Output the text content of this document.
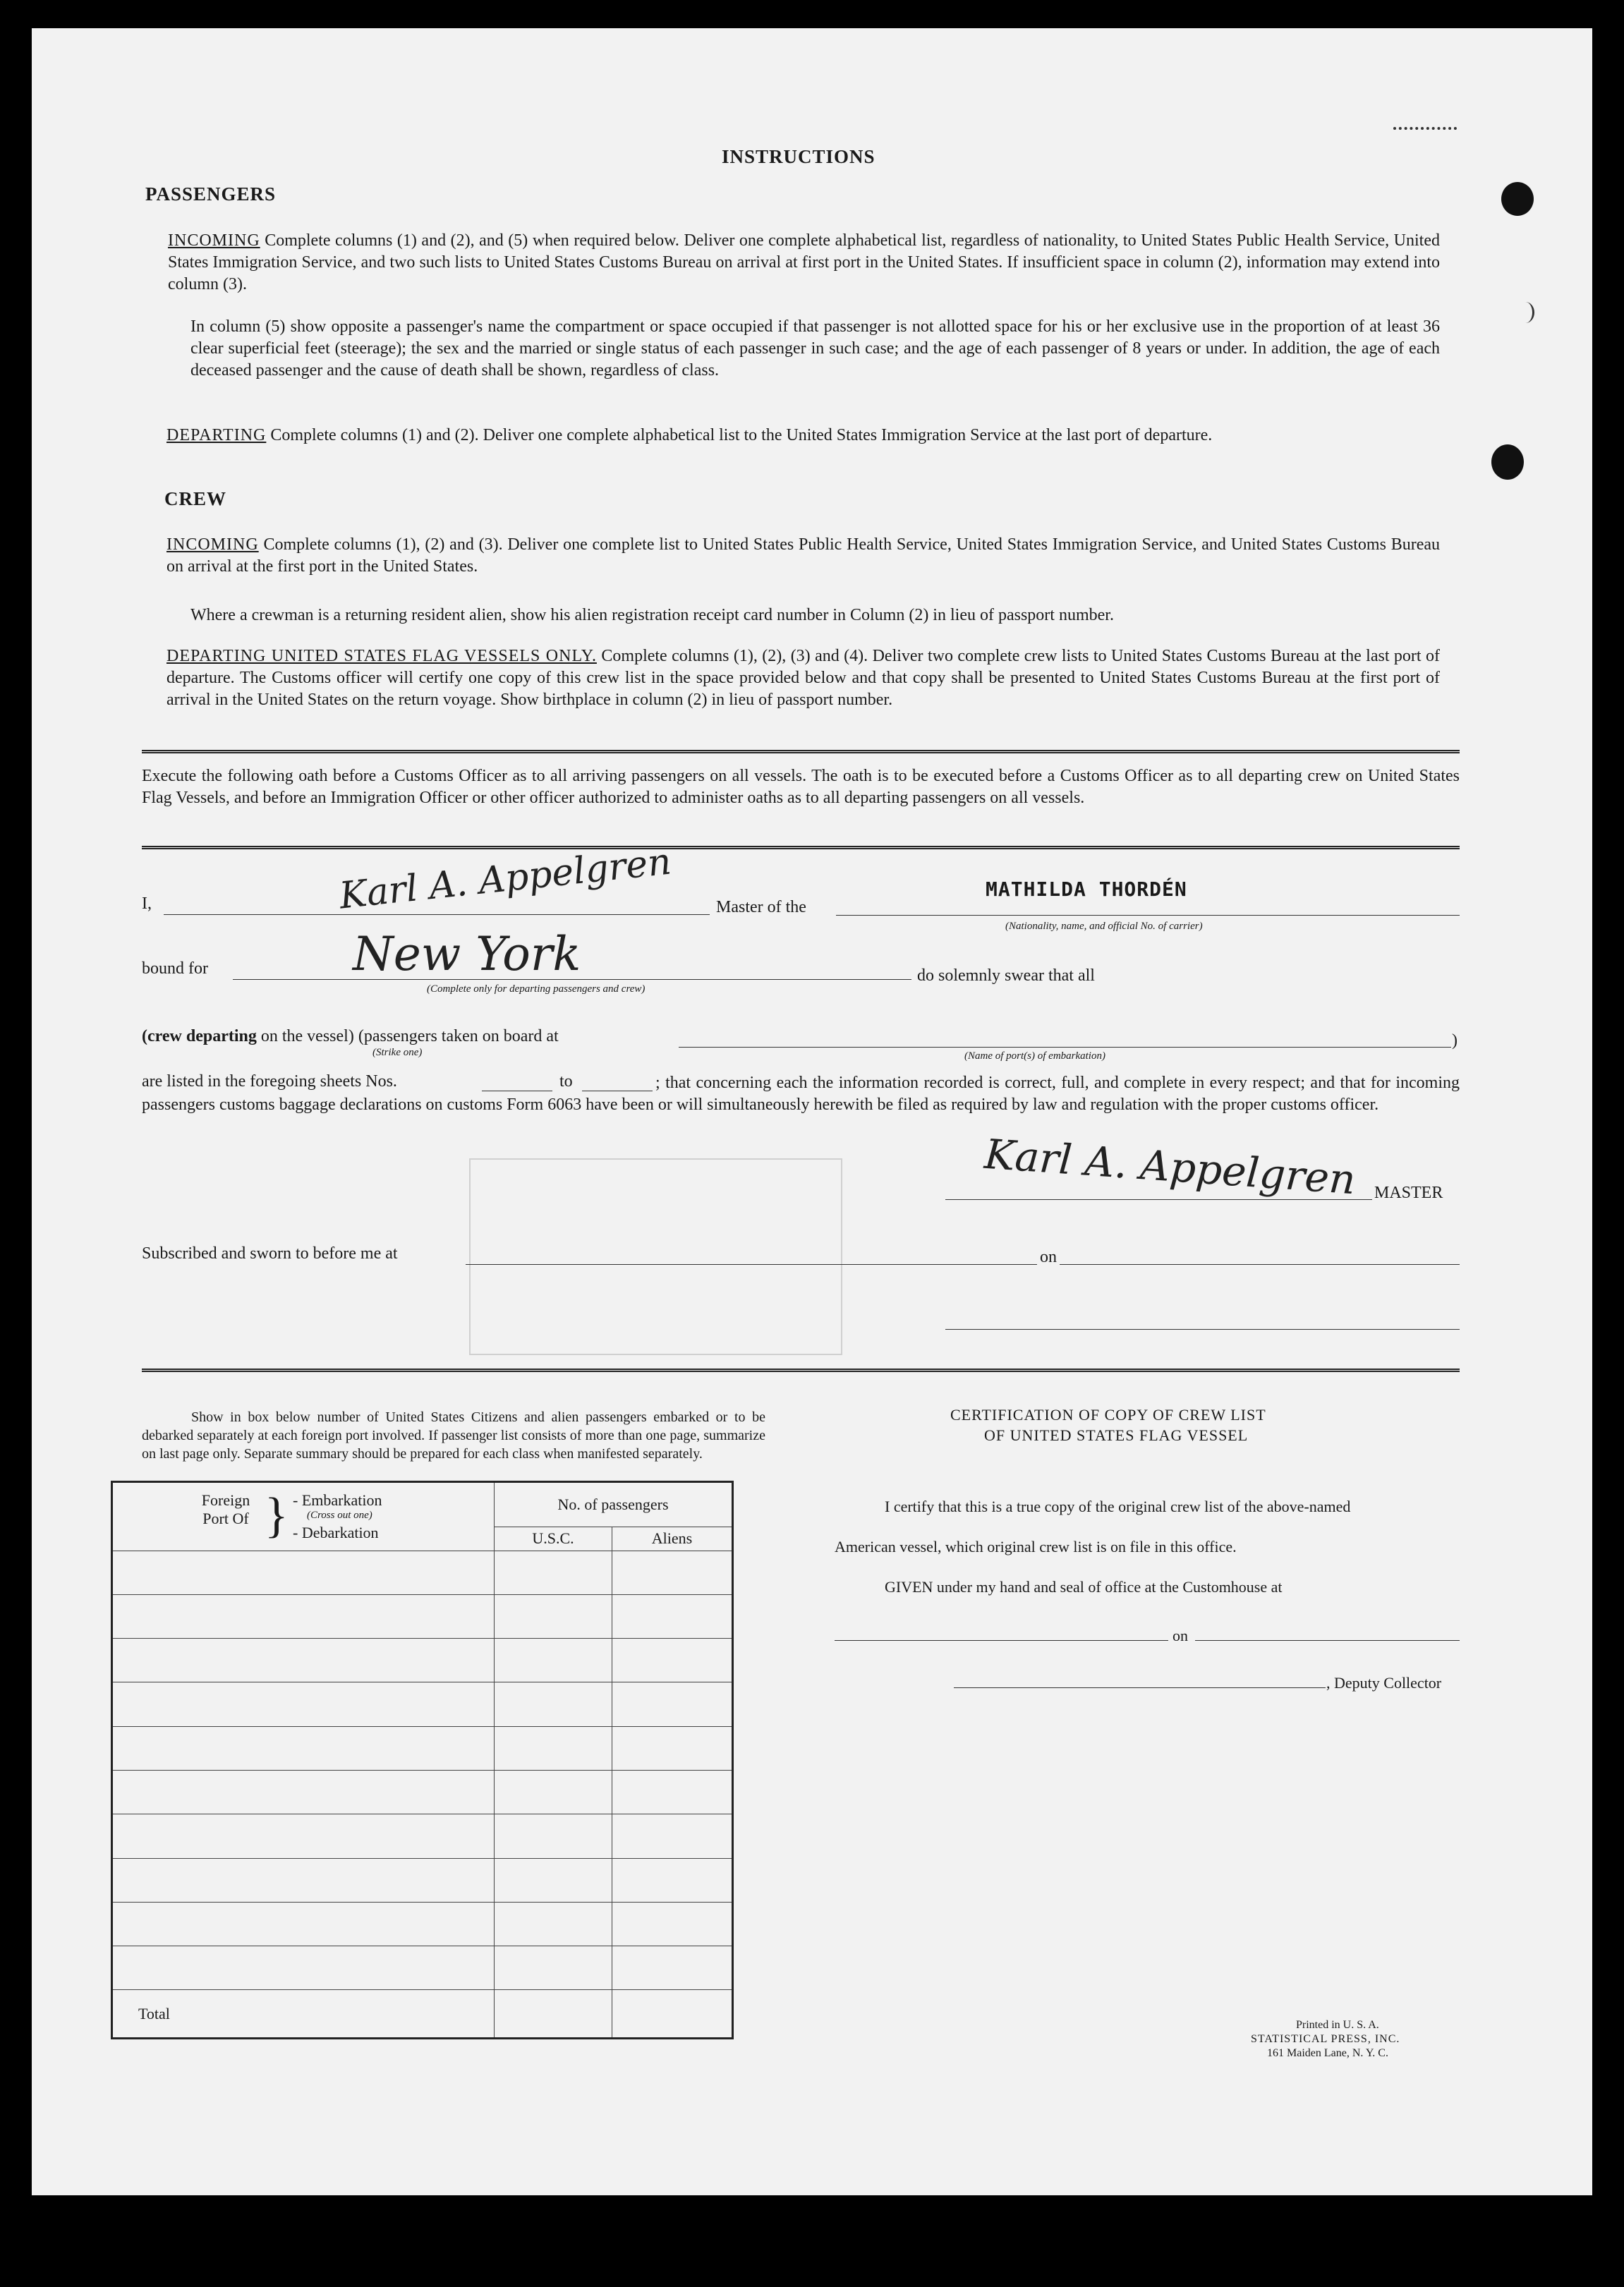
INSTRUCTIONS
PASSENGERS
INCOMING Complete columns (1) and (2), and (5) when required below. Deliver one complete alphabetical list, regardless of nationality, to United States Public Health Service, United States Immigration Service, and two such lists to United States Customs Bureau on arrival at first port in the United States. If insufficient space in column (2), information may extend into column (3).
In column (5) show opposite a passenger's name the compartment or space occupied if that passenger is not allotted space for his or her exclusive use in the proportion of at least 36 clear superficial feet (steerage); the sex and the married or single status of each passenger in such case; and the age of each passenger of 8 years or under. In addition, the age of each deceased passenger and the cause of death shall be shown, regardless of class.
DEPARTING Complete columns (1) and (2). Deliver one complete alphabetical list to the United States Immigration Service at the last port of departure.
CREW
INCOMING Complete columns (1), (2) and (3). Deliver one complete list to United States Public Health Service, United States Immigration Service, and United States Customs Bureau on arrival at the first port in the United States.
Where a crewman is a returning resident alien, show his alien registration receipt card number in Column (2) in lieu of passport number.
DEPARTING UNITED STATES FLAG VESSELS ONLY. Complete columns (1), (2), (3) and (4). Deliver two complete crew lists to United States Customs Bureau at the last port of departure. The Customs officer will certify one copy of this crew list in the space provided below and that copy shall be presented to United States Customs Bureau at the first port of arrival in the United States on the return voyage. Show birthplace in column (2) in lieu of passport number.
Execute the following oath before a Customs Officer as to all arriving passengers on all vessels. The oath is to be executed before a Customs Officer as to all departing crew on United States Flag Vessels, and before an Immigration Officer or other officer authorized to administer oaths as to all departing passengers on all vessels.
I,	Karl A. Appelgren	Master of the
MATHILDA THORDÉN
(Nationality, name, and official No. of carrier)
bound for	New York
(Complete only for departing passengers and crew)
do solemnly swear that all
(crew departing on the vessel) (passengers taken on board at
(Strike one)
)
(Name of port(s) of embarkation)
are listed in the foregoing sheets Nos.	to	; that concerning each the information recorded is correct, full, and complete in every respect; and that for incoming passengers customs baggage declarations on customs Form 6063 have been or will simultaneously herewith be filed as required by law and regulation with the proper customs officer.
Karl A. Appelgren MASTER
Subscribed and sworn to before me at	on
Show in box below number of United States Citizens and alien passengers embarked or to be debarked separately at each foreign port involved. If passenger list consists of more than one page, summarize on last page only. Separate summary should be prepared for each class when manifested separately.
Foreign Port Of } - Embarkation
(Cross out one)
- Debarkation	No. of passengers	
	U.S.C.	Aliens

Total		
CERTIFICATION OF COPY OF CREW LIST
OF UNITED STATES FLAG VESSEL
I certify that this is a true copy of the original crew list of the above-named
American vessel, which original crew list is on file in this office.
GIVEN under my hand and seal of office at the Customhouse at
on
, Deputy Collector
Printed in U. S. A.
STATISTICAL PRESS, INC.
161 Maiden Lane, N. Y. C.
